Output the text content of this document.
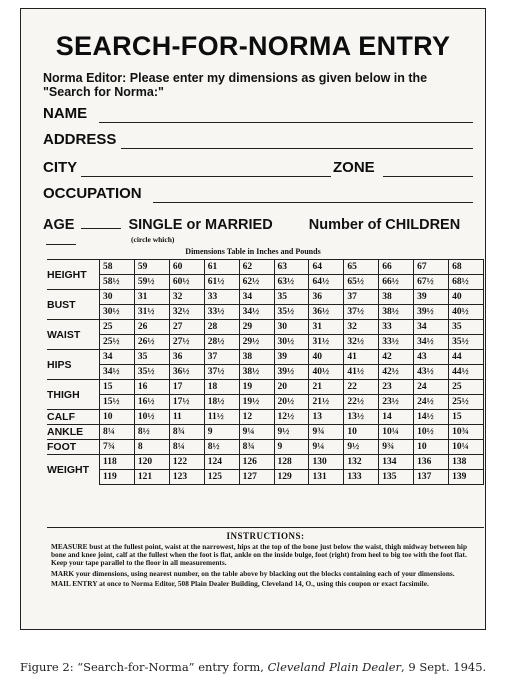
SEARCH-FOR-NORMA ENTRY
Norma Editor: Please enter my dimensions as given below in the "Search for Norma:"
NAME
ADDRESS
CITY	ZONE
OCCUPATION
AGE	SINGLE or MARRIED Number of CHILDREN
(circle which)
Dimensions Table in Inches and Pounds
HEIGHT	58	59	60	61	62	63	64	65	66	67	68
	58½	59½	60½	61½	62½	63½	64½	65½	66½	67½	68½
BUST	30	31	32	33	34	35	36	37	38	39	40
	30½	31½	32½	33½	34½	35½	36½	37½	38½	39½	40½
WAIST	25	26	27	28	29	30	31	32	33	34	35
	25½	26½	27½	28½	29½	30½	31½	32½	33½	34½	35½
HIPS	34	35	36	37	38	39	40	41	42	43	44
	34½	35½	36½	37½	38½	39½	40½	41½	42½	43½	44½
THIGH	15	16	17	18	19	20	21	22	23	24	25
	15½	16½	17½	18½	19½	20½	21½	22½	23½	24½	25½
CALF	10	10½	11	11½	12	12½	13	13½	14	14½	15
ANKLE	8¼	8½	8¾	9	9¼	9½	9¾	10	10¼	10½	10¾
FOOT	7¾	8	8¼	8½	8¾	9	9¼	9½	9¾	10	10¼
WEIGHT	118	120	122	124	126	128	130	132	134	136	138
	119	121	123	125	127	129	131	133	135	137	139
INSTRUCTIONS:

MEASURE bust at the fullest point, waist at the narrowest, hips at the top of the bone just below the waist, thigh midway between hip bone and knee joint, calf at the fullest when the foot is flat, ankle on the inside bulge, foot (right) from heel to big toe with the foot flat. Keep your tape parallel to the floor in all measurements.

MARK your dimensions, using nearest number, on the table above by blacking out the blocks containing each of your dimensions.

MAIL ENTRY at once to Norma Editor, 508 Plain Dealer Building, Cleveland 14, O., using this coupon or exact facsimile.

Figure 2: “Search-for-Norma” entry form, Cleveland Plain Dealer, 9 Sept. 1945.
